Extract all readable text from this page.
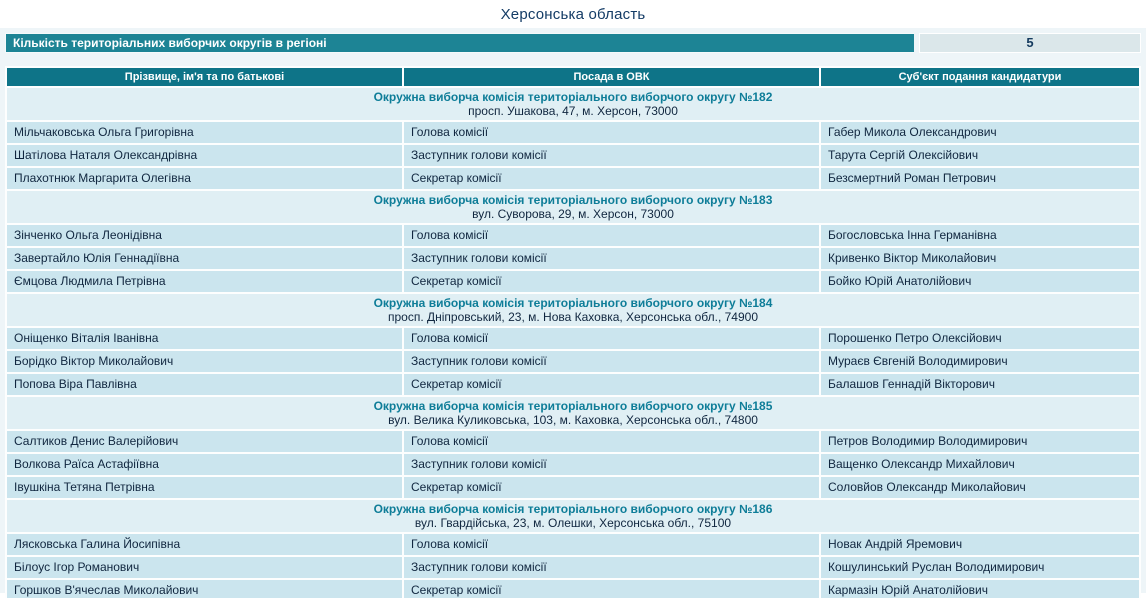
Херсонська область
Кількість територіальних виборчих округів в регіоні	5
Прізвище, ім'я та по батькові	Посада в ОВК	Суб'єкт подання кандидатури

Окружна виборча комісія територіального виборчого округу №182
просп. Ушакова, 47, м. Херсон, 73000		

Мільчаковська Ольга Григорівна	Голова комісії	Габер Микола Олександрович
Шатілова Наталя Олександрівна	Заступник голови комісії	Тарута Сергій Олексійович
Плахотнюк Маргарита Олегівна	Секретар комісії	Безсмертний Роман Петрович

Окружна виборча комісія територіального виборчого округу №183
вул. Суворова, 29, м. Херсон, 73000		

Зінченко Ольга Леонідівна	Голова комісії	Богословська Інна Германівна
Завертайло Юлія Геннадіївна	Заступник голови комісії	Кривенко Віктор Миколайович
Ємцова Людмила Петрівна	Секретар комісії	Бойко Юрій Анатолійович

Окружна виборча комісія територіального виборчого округу №184
просп. Дніпровський, 23, м. Нова Каховка, Херсонська обл., 74900		

Оніщенко Віталія Іванівна	Голова комісії	Порошенко Петро Олексійович
Борідко Віктор Миколайович	Заступник голови комісії	Мураєв Євгеній Володимирович
Попова Віра Павлівна	Секретар комісії	Балашов Геннадій Вікторович

Окружна виборча комісія територіального виборчого округу №185
вул. Велика Куликовська, 103, м. Каховка, Херсонська обл., 74800		

Салтиков Денис Валерійович	Голова комісії	Петров Володимир Володимирович
Волкова Раїса Астафіївна	Заступник голови комісії	Ващенко Олександр Михайлович
Івушкіна Тетяна Петрівна	Секретар комісії	Соловйов Олександр Миколайович

Окружна виборча комісія територіального виборчого округу №186
вул. Гвардійська, 23, м. Олешки, Херсонська обл., 75100		

Лясковська Галина Йосипівна	Голова комісії	Новак Андрій Яремович
Білоус Ігор Романович	Заступник голови комісії	Кошулинський Руслан Володимирович
Горшков В'ячеслав Миколайович	Секретар комісії	Кармазін Юрій Анатолійович
